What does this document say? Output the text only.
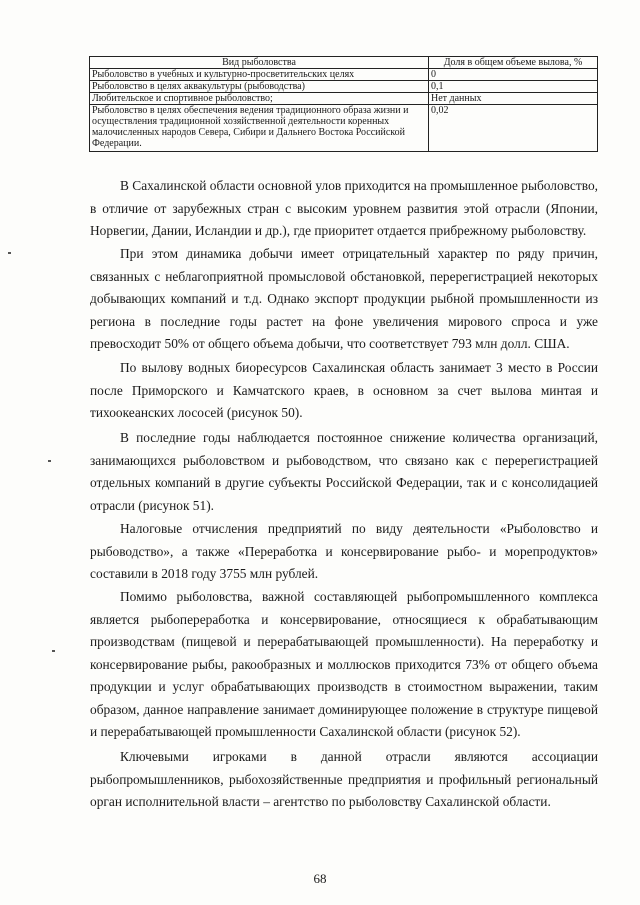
Вид рыболовства	Доля в общем объеме вылова, %
Рыболовство в учебных и культурно-просветительских целях	0
Рыболовство в целях аквакультуры (рыбоводства)	0,1
Любительское и спортивное рыболовство;	Нет данных
Рыболовство в целях обеспечения ведения традиционного образа жизни и осуществления традиционной хозяйственной деятельности коренных малочисленных народов Севера, Сибири и Дальнего Востока Российской Федерации.	0,02

В Сахалинской области основной улов приходится на промышленное рыболовство, в отличие от зарубежных стран с высоким уровнем развития этой отрасли (Японии, Норвегии, Дании, Исландии и др.), где приоритет отдается прибрежному рыболовству.

При этом динамика добычи имеет отрицательный характер по ряду причин, связанных с неблагоприятной промысловой обстановкой, перерегистрацией некоторых добывающих компаний и т.д. Однако экспорт продукции рыбной промышленности из региона в последние годы растет на фоне увеличения мирового спроса и уже превосходит 50% от общего объема добычи, что соответствует 793 млн долл. США.

По вылову водных биоресурсов Сахалинская область занимает 3 место в России после Приморского и Камчатского краев, в основном за счет вылова минтая и тихоокеанских лососей (рисунок 50).

В последние годы наблюдается постоянное снижение количества организаций, занимающихся рыболовством и рыбоводством, что связано как с перерегистрацией отдельных компаний в другие субъекты Российской Федерации, так и с консолидацией отрасли (рисунок 51).

Налоговые отчисления предприятий по виду деятельности «Рыболовство и рыбоводство», а также «Переработка и консервирование рыбо- и морепродуктов» составили в 2018 году 3755 млн рублей.

Помимо рыболовства, важной составляющей рыбопромышленного комплекса является рыбопереработка и консервирование, относящиеся к обрабатывающим производствам (пищевой и перерабатывающей промышленности). На переработку и консервирование рыбы, ракообразных и моллюсков приходится 73% от общего объема продукции и услуг обрабатывающих производств в стоимостном выражении, таким образом, данное направление занимает доминирующее положение в структуре пищевой и перерабатывающей промышленности Сахалинской области (рисунок 52).

Ключевыми игроками в данной отрасли являются ассоциации рыбопромышленников, рыбохозяйственные предприятия и профильный региональный орган исполнительной власти – агентство по рыболовству Сахалинской области.

68
